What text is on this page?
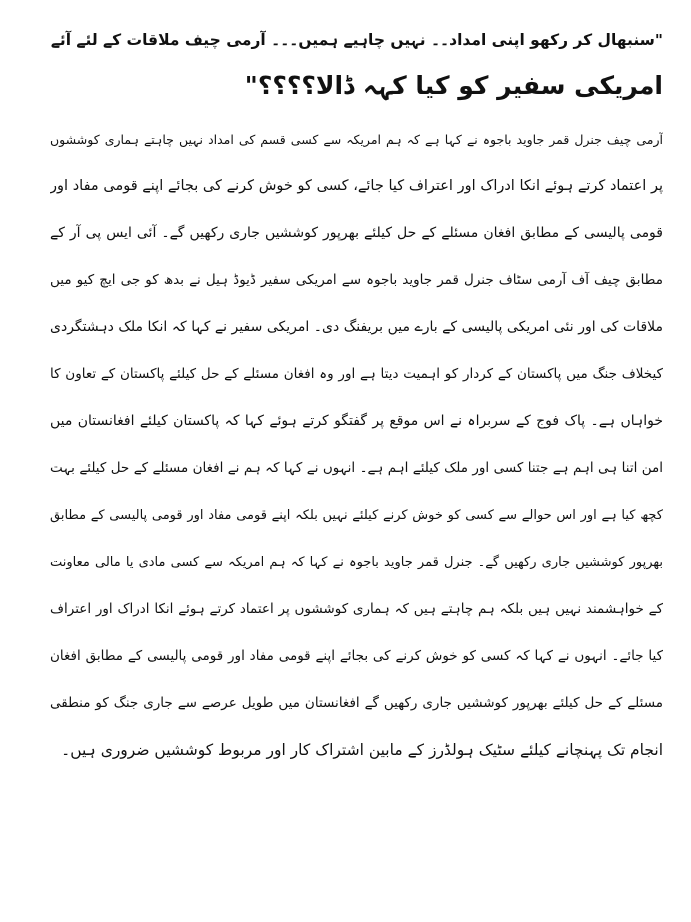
"سنبھال کر رکھو اپنی امداد۔۔ نہیں چاہیے ہمیں۔۔۔ آرمی چیف ملاقات کے لئے آئے
امریکی سفیر کو کیا کہہ ڈالا؟؟؟؟"
آرمی چیف جنرل قمر جاوید باجوہ نے کہا ہے کہ ہم امریکہ سے کسی قسم کی امداد نہیں چاہتے ہماری کوششوں
پر اعتماد کرتے ہوئے انکا ادراک اور اعتراف کیا جائے، کسی کو خوش کرنے کی بجائے اپنے قومی مفاد اور
قومی پالیسی کے مطابق افغان مسئلے کے حل کیلئے بھرپور کوششیں جاری رکھیں گے۔ آئی ایس پی آر کے
مطابق چیف آف آرمی سٹاف جنرل قمر جاوید باجوہ سے امریکی سفیر ڈیوڈ ہیل نے بدھ کو جی ایچ کیو میں
ملاقات کی اور نئی امریکی پالیسی کے بارے میں بریفنگ دی۔ امریکی سفیر نے کہا کہ انکا ملک دہشتگردی
کیخلاف جنگ میں پاکستان کے کردار کو اہمیت دیتا ہے اور وہ افغان مسئلے کے حل کیلئے پاکستان کے تعاون کا
خواہاں ہے۔ پاک فوج کے سربراہ نے اس موقع پر گفتگو کرتے ہوئے کہا کہ پاکستان کیلئے افغانستان میں
امن اتنا ہی اہم ہے جتنا کسی اور ملک کیلئے اہم ہے۔ انہوں نے کہا کہ ہم نے افغان مسئلے کے حل کیلئے بہت
کچھ کیا ہے اور اس حوالے سے کسی کو خوش کرنے کیلئے نہیں بلکہ اپنے قومی مفاد اور قومی پالیسی کے مطابق
بھرپور کوششیں جاری رکھیں گے۔ جنرل قمر جاوید باجوہ نے کہا کہ ہم امریکہ سے کسی مادی یا مالی معاونت
کے خواہشمند نہیں ہیں بلکہ ہم چاہتے ہیں کہ ہماری کوششوں پر اعتماد کرتے ہوئے انکا ادراک اور اعتراف
کیا جائے۔ انہوں نے کہا کہ کسی کو خوش کرنے کی بجائے اپنے قومی مفاد اور قومی پالیسی کے مطابق افغان
مسئلے کے حل کیلئے بھرپور کوششیں جاری رکھیں گے افغانستان میں طویل عرصے سے جاری جنگ کو منطقی
انجام تک پہنچانے کیلئے سٹیک ہولڈرز کے مابین اشتراک کار اور مربوط کوششیں ضروری ہیں۔
